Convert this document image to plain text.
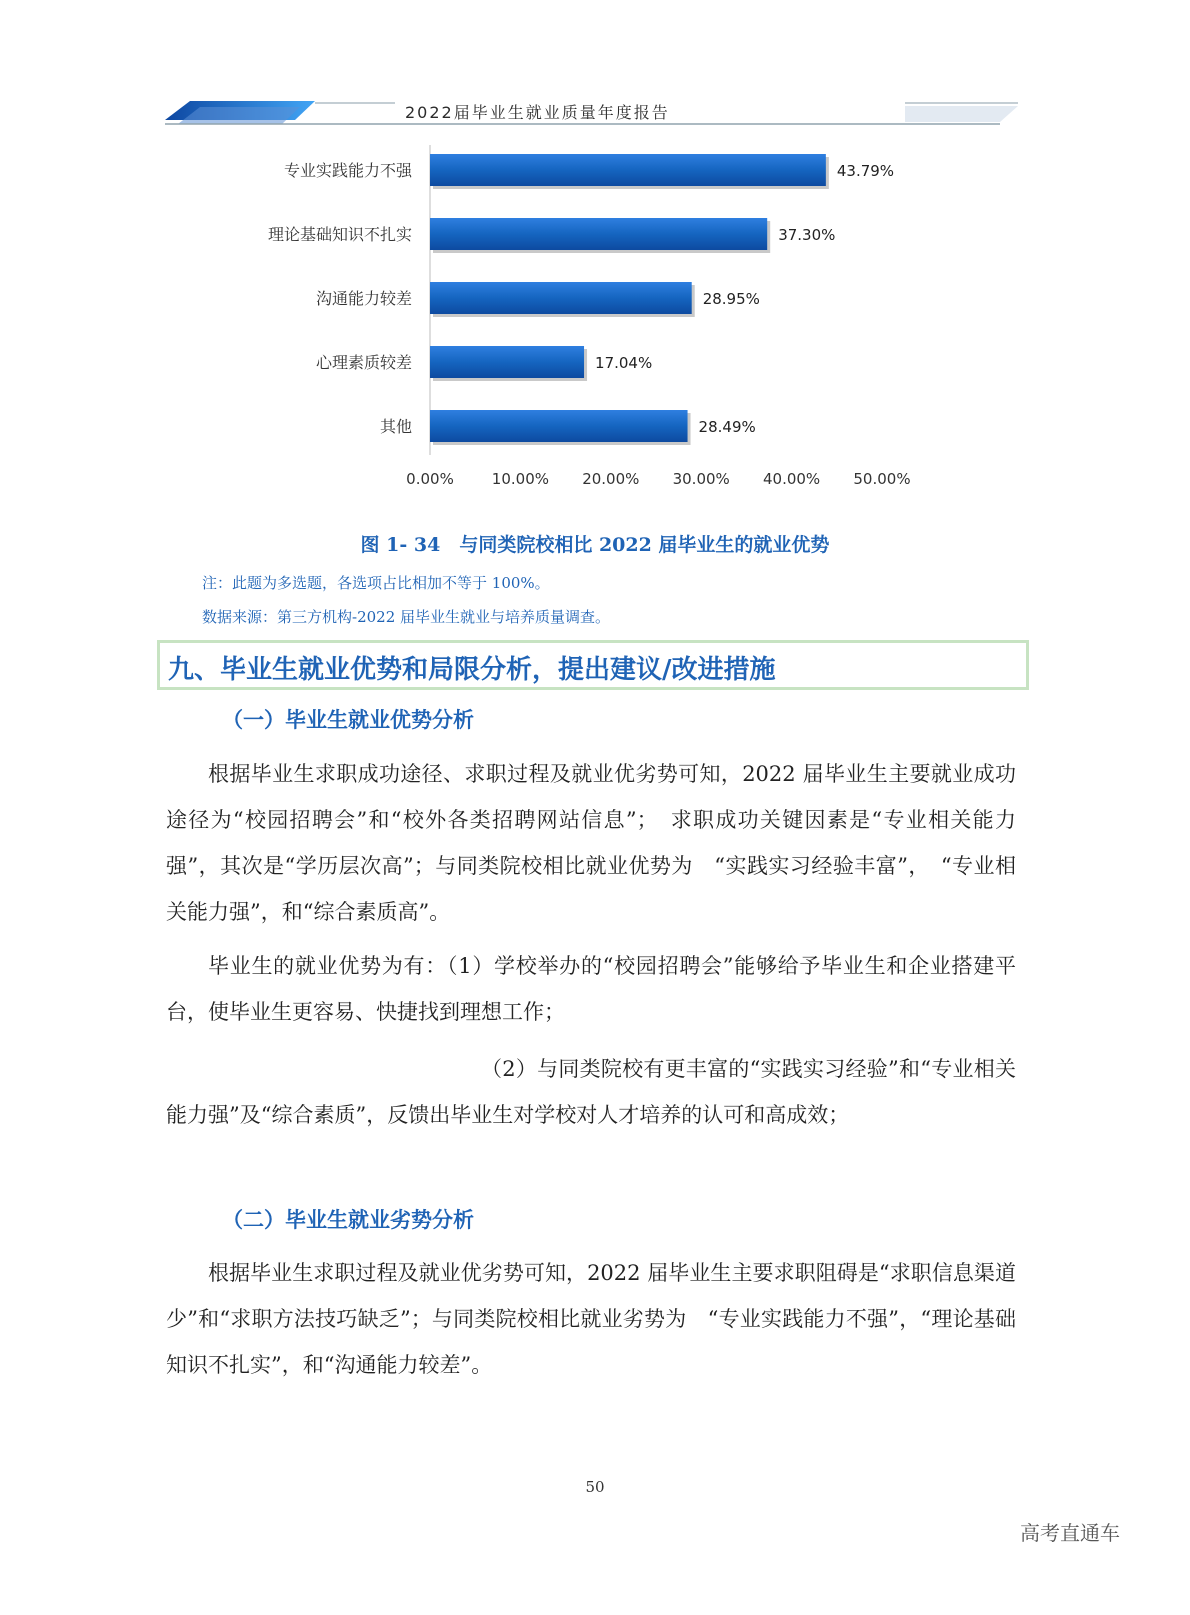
2022届毕业生就业质量年度报告
专业实践能力不强	43.79%
理论基础知识不扎实	37.30%
沟通能力较差	28.95%
心理素质较差	17.04%
其他	28.49%
0.00%	10.00% 20.00% 30.00% 40.00% 50.00%
图 1- 34　与同类院校相比 2022 届毕业生的就业优势
注：此题为多选题，各选项占比相加不等于 100%。
数据来源：第三方机构-2022 届毕业生就业与培养质量调查。
九、毕业生就业优势和局限分析，提出建议/改进措施
（一）毕业生就业优势分析

根据毕业生求职成功途径、求职过程及就业优劣势可知，2022 届毕业生主要就业成功途径为“校园招聘会”和“校外各类招聘网站信息”；　求职成功关键因素是“专业相关能力强”，其次是“学历层次高”；与同类院校相比就业优势为　“实践实习经验丰富”，　“专业相关能力强”，和“综合素质高”。

毕业生的就业优势为有：（1）学校举办的“校园招聘会”能够给予毕业生和企业搭建平台，使毕业生更容易、快捷找到理想工作；

（2）与同类院校有更丰富的“实践实习经验”和“专业相关能力强”及“综合素质”，反馈出毕业生对学校对人才培养的认可和高成效；

（二）毕业生就业劣势分析

根据毕业生求职过程及就业优劣势可知，2022 届毕业生主要求职阻碍是“求职信息渠道少”和“求职方法技巧缺乏”；与同类院校相比就业劣势为　“专业实践能力不强”，“理论基础知识不扎实”，和“沟通能力较差”。

50
高考直通车
